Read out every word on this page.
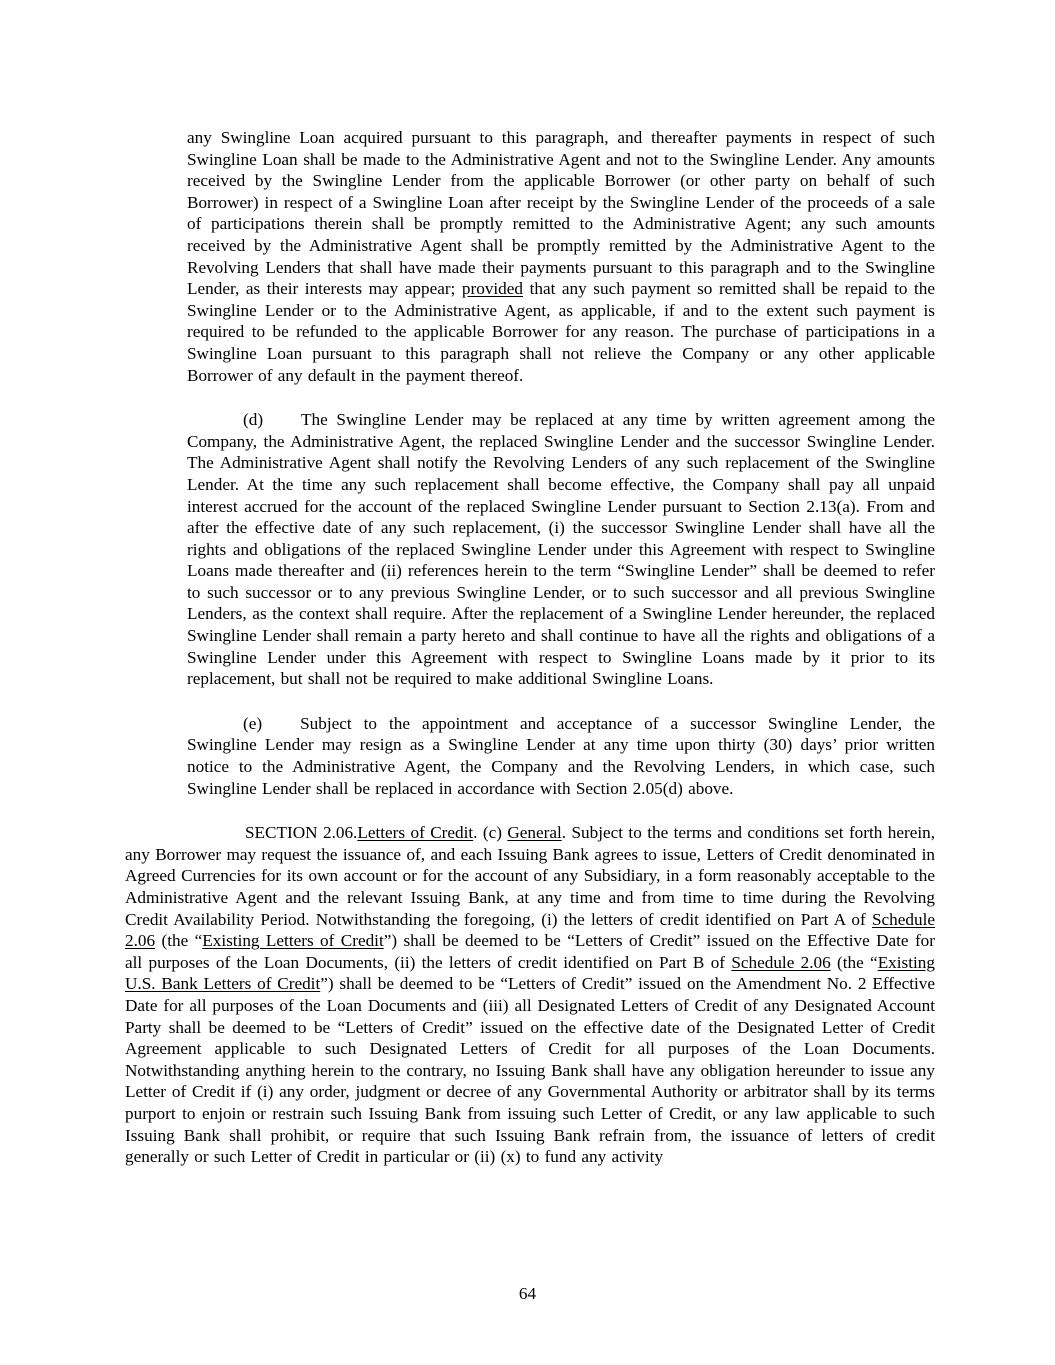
any Swingline Loan acquired pursuant to this paragraph, and thereafter payments in respect of such Swingline Loan shall be made to the Administrative Agent and not to the Swingline Lender. Any amounts received by the Swingline Lender from the applicable Borrower (or other party on behalf of such Borrower) in respect of a Swingline Loan after receipt by the Swingline Lender of the proceeds of a sale of participations therein shall be promptly remitted to the Administrative Agent; any such amounts received by the Administrative Agent shall be promptly remitted by the Administrative Agent to the Revolving Lenders that shall have made their payments pursuant to this paragraph and to the Swingline Lender, as their interests may appear; provided that any such payment so remitted shall be repaid to the Swingline Lender or to the Administrative Agent, as applicable, if and to the extent such payment is required to be refunded to the applicable Borrower for any reason. The purchase of participations in a Swingline Loan pursuant to this paragraph shall not relieve the Company or any other applicable Borrower of any default in the payment thereof.

(d) The Swingline Lender may be replaced at any time by written agreement among the Company, the Administrative Agent, the replaced Swingline Lender and the successor Swingline Lender. The Administrative Agent shall notify the Revolving Lenders of any such replacement of the Swingline Lender. At the time any such replacement shall become effective, the Company shall pay all unpaid interest accrued for the account of the replaced Swingline Lender pursuant to Section 2.13(a). From and after the effective date of any such replacement, (i) the successor Swingline Lender shall have all the rights and obligations of the replaced Swingline Lender under this Agreement with respect to Swingline Loans made thereafter and (ii) references herein to the term “Swingline Lender” shall be deemed to refer to such successor or to any previous Swingline Lender, or to such successor and all previous Swingline Lenders, as the context shall require. After the replacement of a Swingline Lender hereunder, the replaced Swingline Lender shall remain a party hereto and shall continue to have all the rights and obligations of a Swingline Lender under this Agreement with respect to Swingline Loans made by it prior to its replacement, but shall not be required to make additional Swingline Loans.

(e) Subject to the appointment and acceptance of a successor Swingline Lender, the Swingline Lender may resign as a Swingline Lender at any time upon thirty (30) days’ prior written notice to the Administrative Agent, the Company and the Revolving Lenders, in which case, such Swingline Lender shall be replaced in accordance with Section 2.05(d) above.

SECTION 2.06.Letters of Credit. (c) General. Subject to the terms and conditions set forth herein, any Borrower may request the issuance of, and each Issuing Bank agrees to issue, Letters of Credit denominated in Agreed Currencies for its own account or for the account of any Subsidiary, in a form reasonably acceptable to the Administrative Agent and the relevant Issuing Bank, at any time and from time to time during the Revolving Credit Availability Period. Notwithstanding the foregoing, (i) the letters of credit identified on Part A of Schedule 2.06 (the “Existing Letters of Credit”) shall be deemed to be “Letters of Credit” issued on the Effective Date for all purposes of the Loan Documents, (ii) the letters of credit identified on Part B of Schedule 2.06 (the “Existing U.S. Bank Letters of Credit”) shall be deemed to be “Letters of Credit” issued on the Amendment No. 2 Effective Date for all purposes of the Loan Documents and (iii) all Designated Letters of Credit of any Designated Account Party shall be deemed to be “Letters of Credit” issued on the effective date of the Designated Letter of Credit Agreement applicable to such Designated Letters of Credit for all purposes of the Loan Documents. Notwithstanding anything herein to the contrary, no Issuing Bank shall have any obligation hereunder to issue any Letter of Credit if (i) any order, judgment or decree of any Governmental Authority or arbitrator shall by its terms purport to enjoin or restrain such Issuing Bank from issuing such Letter of Credit, or any law applicable to such Issuing Bank shall prohibit, or require that such Issuing Bank refrain from, the issuance of letters of credit generally or such Letter of Credit in particular or (ii) (x) to fund any activity

64
